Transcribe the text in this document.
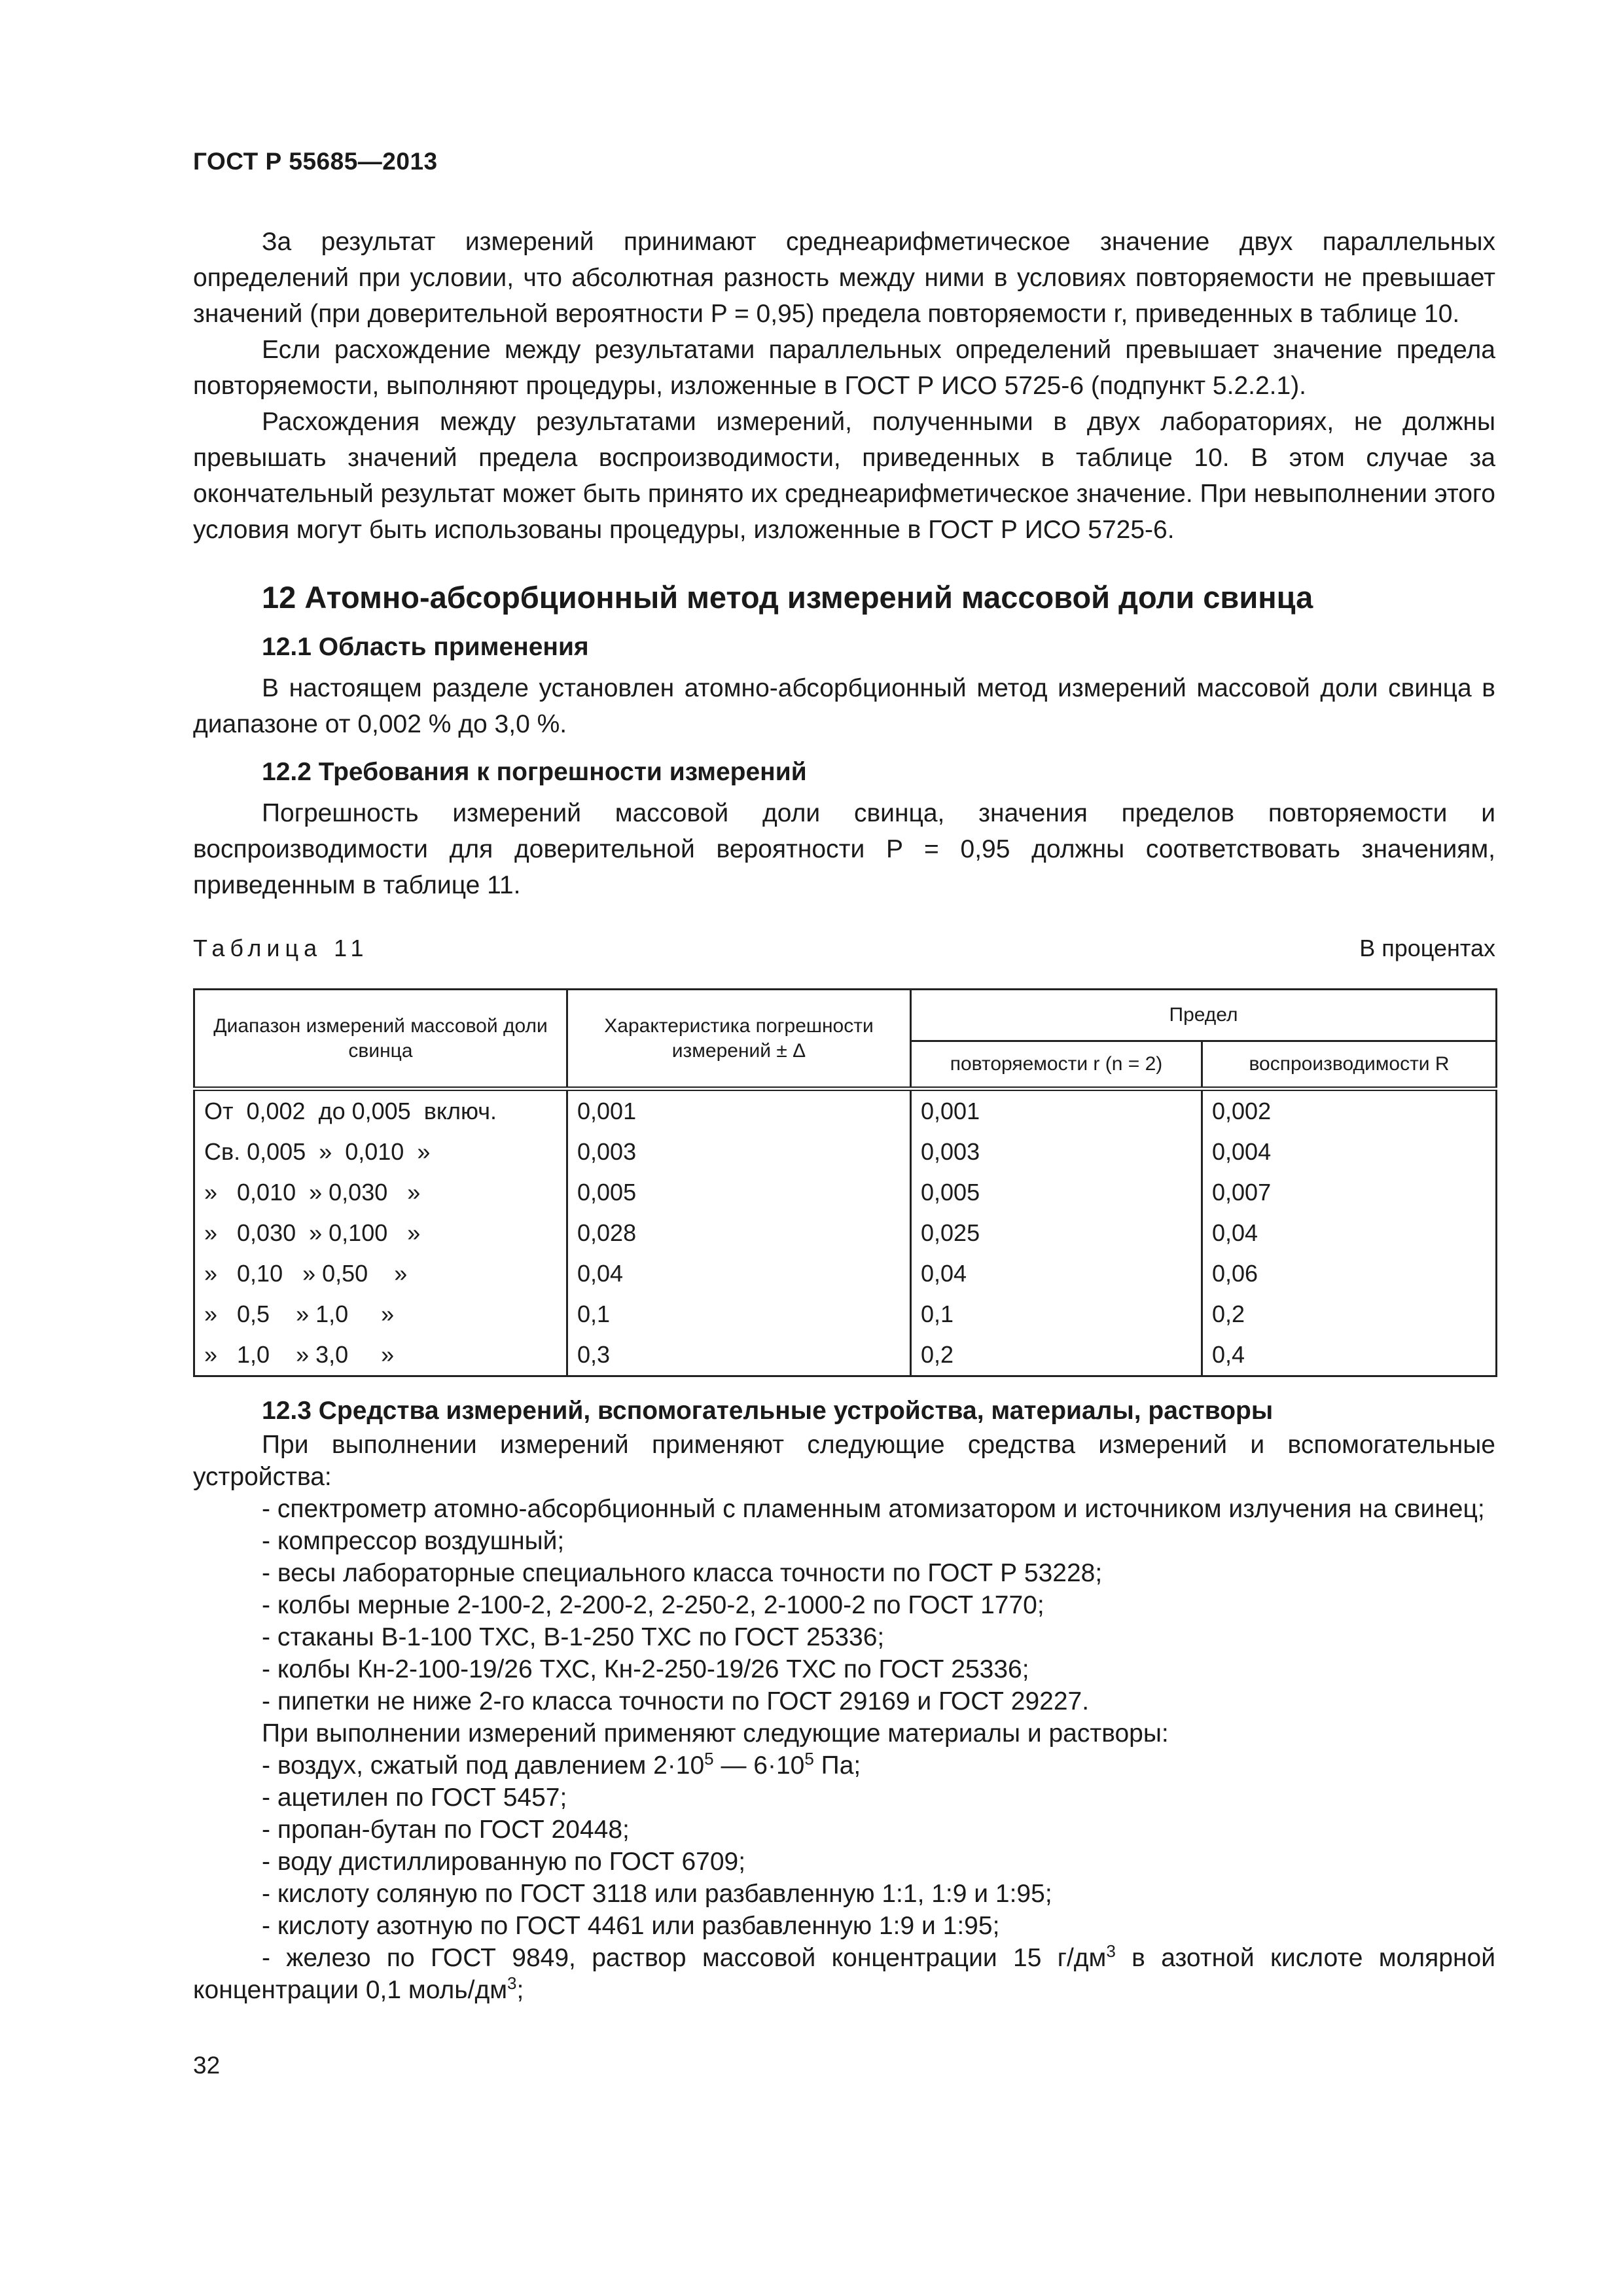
ГОСТ Р 55685—2013

За результат измерений принимают среднеарифметическое значение двух параллельных определений при условии, что абсолютная разность между ними в условиях повторяемости не превышает значений (при доверительной вероятности P = 0,95) предела повторяемости r, приведенных в таблице 10.

Если расхождение между результатами параллельных определений превышает значение предела повторяемости, выполняют процедуры, изложенные в ГОСТ Р ИСО 5725-6 (подпункт 5.2.2.1).

Расхождения между результатами измерений, полученными в двух лабораториях, не должны превышать значений предела воспроизводимости, приведенных в таблице 10. В этом случае за окончательный результат может быть принято их среднеарифметическое значение. При невыполнении этого условия могут быть использованы процедуры, изложенные в ГОСТ Р ИСО 5725-6.

12 Атомно-абсорбционный метод измерений массовой доли свинца
12.1 Область применения

В настоящем разделе установлен атомно-абсорбционный метод измерений массовой доли свинца в диапазоне от 0,002 % до 3,0 %.

12.2 Требования к погрешности измерений

Погрешность измерений массовой доли свинца, значения пределов повторяемости и воспроизводимости для доверительной вероятности P = 0,95 должны соответствовать значениям, приведенным в таблице 11.

Таблица 11	В процентах
Диапазон измерений массовой доли свинца	Характеристика погрешности измерений ± Δ	Предел	
		повторяемости r (n = 2)	воспроизводимости R
От  0,002  до 0,005  включ.	0,001	0,001	0,002
Св. 0,005  »  0,010  »	0,003	0,003	0,004
»   0,010  » 0,030   »	0,005	0,005	0,007
»   0,030  » 0,100   »	0,028	0,025	0,04
»   0,10   » 0,50    »	0,04	0,04	0,06
»   0,5    » 1,0     »	0,1	0,1	0,2
»   1,0    » 3,0     »	0,3	0,2	0,4
12.3 Средства измерений, вспомогательные устройства, материалы, растворы

При выполнении измерений применяют следующие средства измерений и вспомогательные устройства:

- спектрометр атомно-абсорбционный с пламенным атомизатором и источником излучения на свинец;

- компрессор воздушный;

- весы лабораторные специального класса точности по ГОСТ Р 53228;

- колбы мерные 2-100-2, 2-200-2, 2-250-2, 2-1000-2 по ГОСТ 1770;

- стаканы В-1-100 ТХС, В-1-250 ТХС по ГОСТ 25336;

- колбы Кн-2-100-19/26 ТХС, Кн-2-250-19/26 ТХС по ГОСТ 25336;

- пипетки не ниже 2-го класса точности по ГОСТ 29169 и ГОСТ 29227.

При выполнении измерений применяют следующие материалы и растворы:

- воздух, сжатый под давлением $2\cdot 10^5$ — $6\cdot 10^5$ Па;

- ацетилен по ГОСТ 5457;

- пропан-бутан по ГОСТ 20448;

- воду дистиллированную по ГОСТ 6709;

- кислоту соляную по ГОСТ 3118 или разбавленную 1:1, 1:9 и 1:95;

- кислоту азотную по ГОСТ 4461 или разбавленную 1:9 и 1:95;

- железо по ГОСТ 9849, раствор массовой концентрации 15 $г/дм^3$ в азотной кислоте молярной концентрации 0,1 моль/$дм^3$;

32
